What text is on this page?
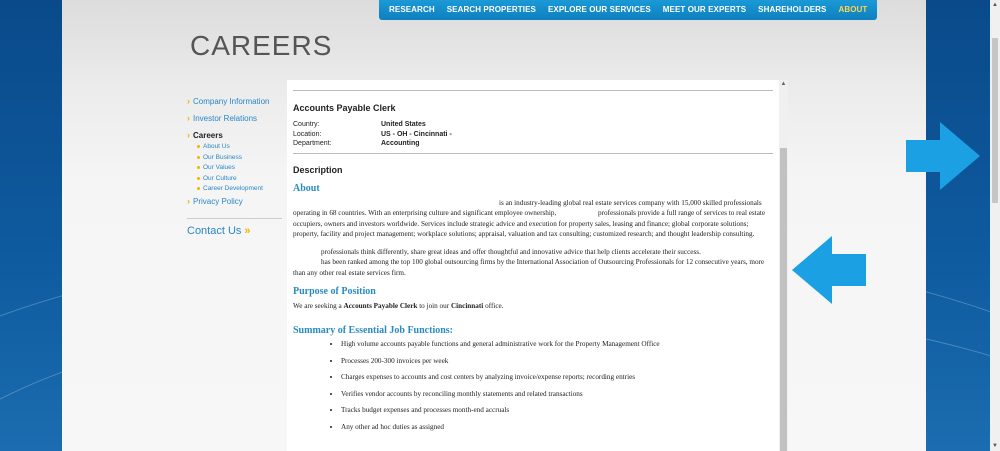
RESEARCH	SEARCH PROPERTIES	EXPLORE OUR SERVICES	MEET OUR EXPERTS	SHAREHOLDERS	ABOUT
CAREERS
› Company Information
› Investor Relations
› Careers
About Us
Our Business
Our Values
Our Culture
Career Development
› Privacy Policy
Contact Us »
Accounts Payable Clerk
Country:	United States
Location:	US - OH - Cincinnati -
Department:	Accounting
Description
About

is an industry-leading global real estate services company with 15,000 skilled professionals operating in 68 countries. With an enterprising culture and significant employee ownership,	professionals provide a full range of services to real estate occupiers, owners and investors worldwide. Services include strategic advice and execution for property sales, leasing and finance; global corporate solutions; property, facility and project management; workplace solutions; appraisal, valuation and tax consulting; customized research; and thought leadership consulting.

professionals think differently, share great ideas and offer thoughtful and innovative advice that help clients accelerate their success.
has been ranked among the top 100 global outsourcing firms by the International Association of Outsourcing Professionals for 12 consecutive years, more than any other real estate services firm.

Purpose of Position

We are seeking a Accounts Payable Clerk to join our Cincinnati office.

Summary of Essential Job Functions:
• High volume accounts payable functions and general administrative work for the Property Management Office
• Processes 200-300 invoices per week
• Charges expenses to accounts and cost centers by analyzing invoice/expense reports; recording entries
• Verifies vendor accounts by reconciling monthly statements and related transactions
• Tracks budget expenses and processes month-end accruals
• Any other ad hoc duties as assigned
▲
▲
▼
